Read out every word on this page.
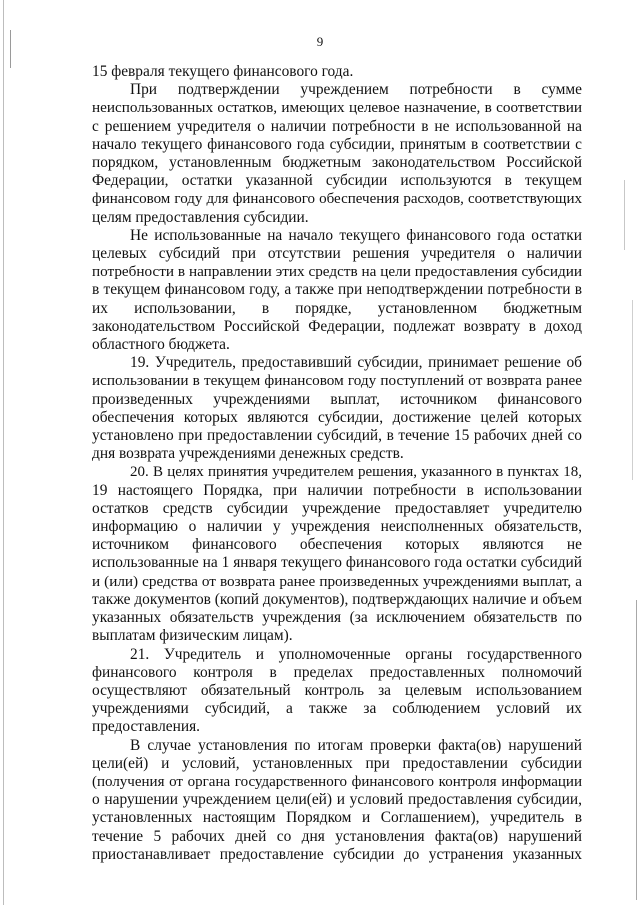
9
15 февраля текущего финансового года.
При подтверждении учреждением потребности в сумме
неиспользованных остатков, имеющих целевое назначение, в соответствии
с решением учредителя о наличии потребности в не использованной на
начало текущего финансового года субсидии, принятым в соответствии с
порядком, установленным бюджетным законодательством Российской
Федерации, остатки указанной субсидии используются в текущем
финансовом году для финансового обеспечения расходов, соответствующих
целям предоставления субсидии.
Не использованные на начало текущего финансового года остатки
целевых субсидий при отсутствии решения учредителя о наличии
потребности в направлении этих средств на цели предоставления субсидии
в текущем финансовом году, а также при неподтверждении потребности в
их использовании, в порядке, установленном бюджетным
законодательством Российской Федерации, подлежат возврату в доход
областного бюджета.
19. Учредитель, предоставивший субсидии, принимает решение об
использовании в текущем финансовом году поступлений от возврата ранее
произведенных учреждениями выплат, источником финансового
обеспечения которых являются субсидии, достижение целей которых
установлено при предоставлении субсидий, в течение 15 рабочих дней со
дня возврата учреждениями денежных средств.
20. В целях принятия учредителем решения, указанного в пунктах 18,
19 настоящего Порядка, при наличии потребности в использовании
остатков средств субсидии учреждение предоставляет учредителю
информацию о наличии у учреждения неисполненных обязательств,
источником финансового обеспечения которых являются не
использованные на 1 января текущего финансового года остатки субсидий
и (или) средства от возврата ранее произведенных учреждениями выплат, а
также документов (копий документов), подтверждающих наличие и объем
указанных обязательств учреждения (за исключением обязательств по
выплатам физическим лицам).
21. Учредитель и уполномоченные органы государственного
финансового контроля в пределах предоставленных полномочий
осуществляют обязательный контроль за целевым использованием
учреждениями субсидий, а также за соблюдением условий их
предоставления.
В случае установления по итогам проверки факта(ов) нарушений
цели(ей) и условий, установленных при предоставлении субсидии
(получения от органа государственного финансового контроля информации
о нарушении учреждением цели(ей) и условий предоставления субсидии,
установленных настоящим Порядком и Соглашением), учредитель в
течение 5 рабочих дней со дня установления факта(ов) нарушений
приостанавливает предоставление субсидии до устранения указанных
